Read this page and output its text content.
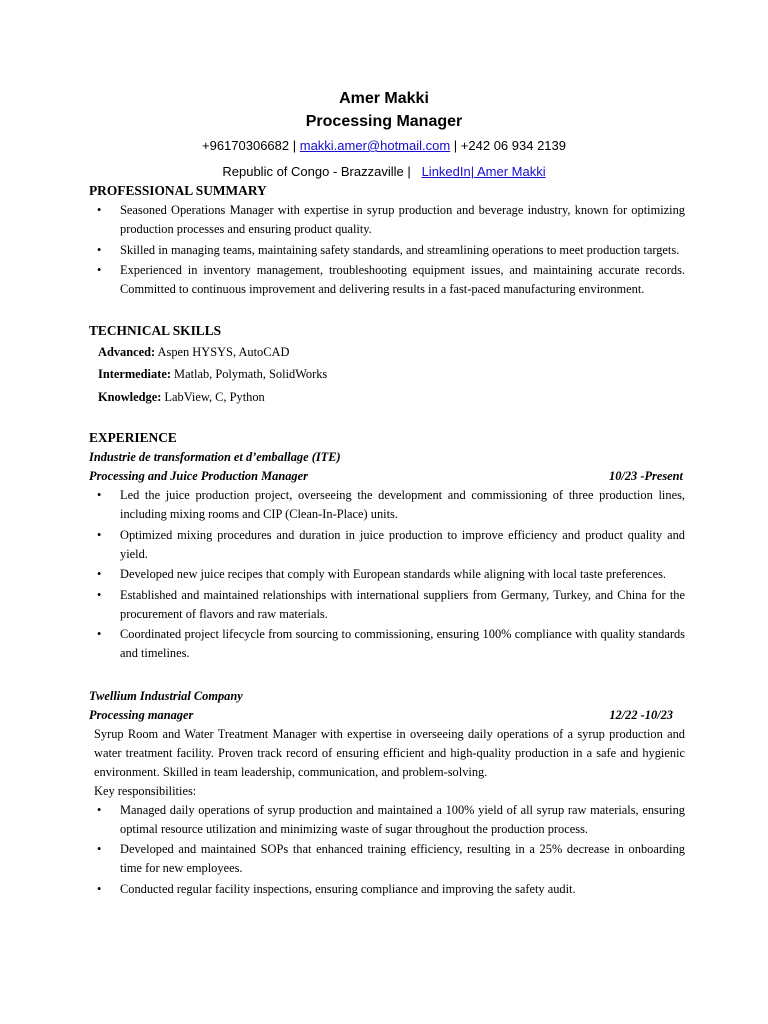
Amer Makki
Processing Manager
+96170306682 | makki.amer@hotmail.com | +242 06 934 2139
Republic of Congo - Brazzaville | LinkedIn| Amer Makki
PROFESSIONAL SUMMARY
• Seasoned Operations Manager with expertise in syrup production and beverage industry, known for optimizing production processes and ensuring product quality.
• Skilled in managing teams, maintaining safety standards, and streamlining operations to meet production targets.
• Experienced in inventory management, troubleshooting equipment issues, and maintaining accurate records. Committed to continuous improvement and delivering results in a fast-paced manufacturing environment.
TECHNICAL SKILLS
Advanced: Aspen HYSYS, AutoCAD
Intermediate: Matlab, Polymath, SolidWorks
Knowledge: LabView, C, Python
EXPERIENCE
Industrie de transformation et d’emballage (ITE)
Processing and Juice Production Manager	10/23 -Present
• Led the juice production project, overseeing the development and commissioning of three production lines, including mixing rooms and CIP (Clean-In-Place) units.
• Optimized mixing procedures and duration in juice production to improve efficiency and product quality and yield.
• Developed new juice recipes that comply with European standards while aligning with local taste preferences.
• Established and maintained relationships with international suppliers from Germany, Turkey, and China for the procurement of flavors and raw materials.
• Coordinated project lifecycle from sourcing to commissioning, ensuring 100% compliance with quality standards and timelines.
Twellium Industrial Company
Processing manager	12/22 -10/23
Syrup Room and Water Treatment Manager with expertise in overseeing daily operations of a syrup production and water treatment facility. Proven track record of ensuring efficient and high-quality production in a safe and hygienic environment. Skilled in team leadership, communication, and problem-solving.
Key responsibilities:
• Managed daily operations of syrup production and maintained a 100% yield of all syrup raw materials, ensuring optimal resource utilization and minimizing waste of sugar throughout the production process.
• Developed and maintained SOPs that enhanced training efficiency, resulting in a 25% decrease in onboarding time for new employees.
• Conducted regular facility inspections, ensuring compliance and improving the safety audit.
